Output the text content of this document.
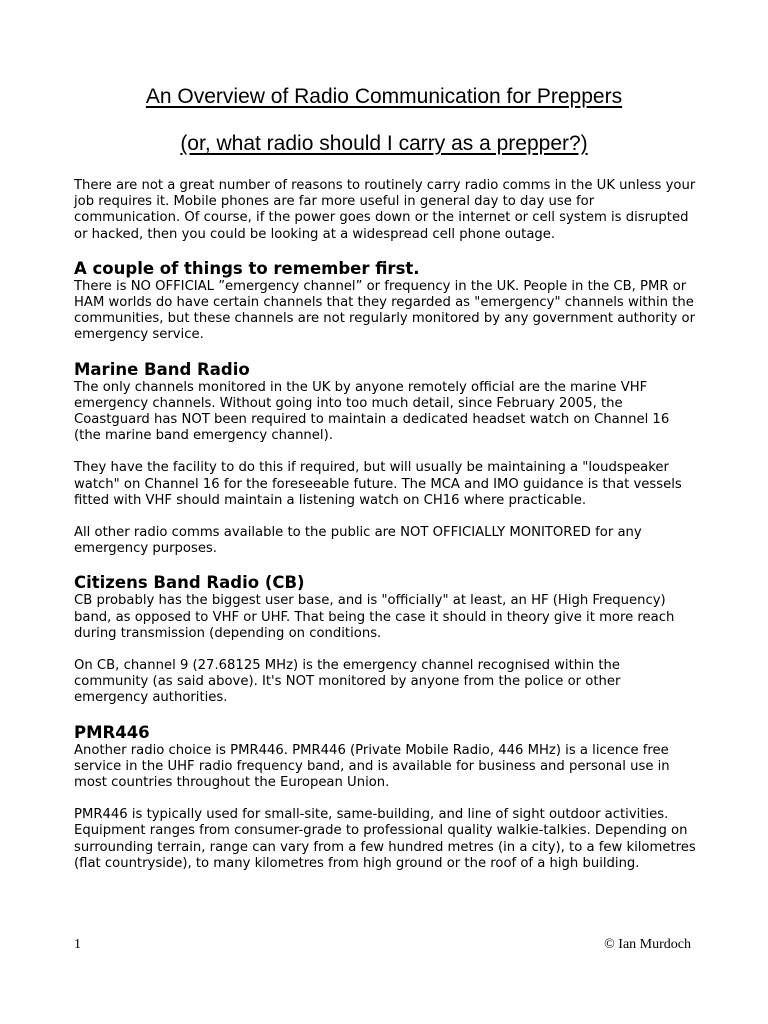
An Overview of Radio Communication for Preppers
(or, what radio should I carry as a prepper?)

There are not a great number of reasons to routinely carry radio comms in the UK unless your job requires it. Mobile phones are far more useful in general day to day use for communication. Of course, if the power goes down or the internet or cell system is disrupted or hacked, then you could be looking at a widespread cell phone outage.

A couple of things to remember first.

There is NO OFFICIAL ”emergency channel” or frequency in the UK. People in the CB, PMR or HAM worlds do have certain channels that they regarded as "emergency" channels within the communities, but these channels are not regularly monitored by any government authority or emergency service.

Marine Band Radio

The only channels monitored in the UK by anyone remotely official are the marine VHF emergency channels. Without going into too much detail, since February 2005, the Coastguard has NOT been required to maintain a dedicated headset watch on Channel 16 (the marine band emergency channel).

They have the facility to do this if required, but will usually be maintaining a "loudspeaker watch" on Channel 16 for the foreseeable future. The MCA and IMO guidance is that vessels fitted with VHF should maintain a listening watch on CH16 where practicable.

All other radio comms available to the public are NOT OFFICIALLY MONITORED for any emergency purposes.

Citizens Band Radio (CB)

CB probably has the biggest user base, and is "officially" at least, an HF (High Frequency) band, as opposed to VHF or UHF. That being the case it should in theory give it more reach during transmission (depending on conditions.

On CB, channel 9 (27.68125 MHz) is the emergency channel recognised within the community (as said above). It's NOT monitored by anyone from the police or other emergency authorities.

PMR446

Another radio choice is PMR446. PMR446 (Private Mobile Radio, 446 MHz) is a licence free service in the UHF radio frequency band, and is available for business and personal use in most countries throughout the European Union.

PMR446 is typically used for small-site, same-building, and line of sight outdoor activities. Equipment ranges from consumer-grade to professional quality walkie-talkies. Depending on surrounding terrain, range can vary from a few hundred metres (in a city), to a few kilometres (flat countryside), to many kilometres from high ground or the roof of a high building.

1	© Ian Murdoch
